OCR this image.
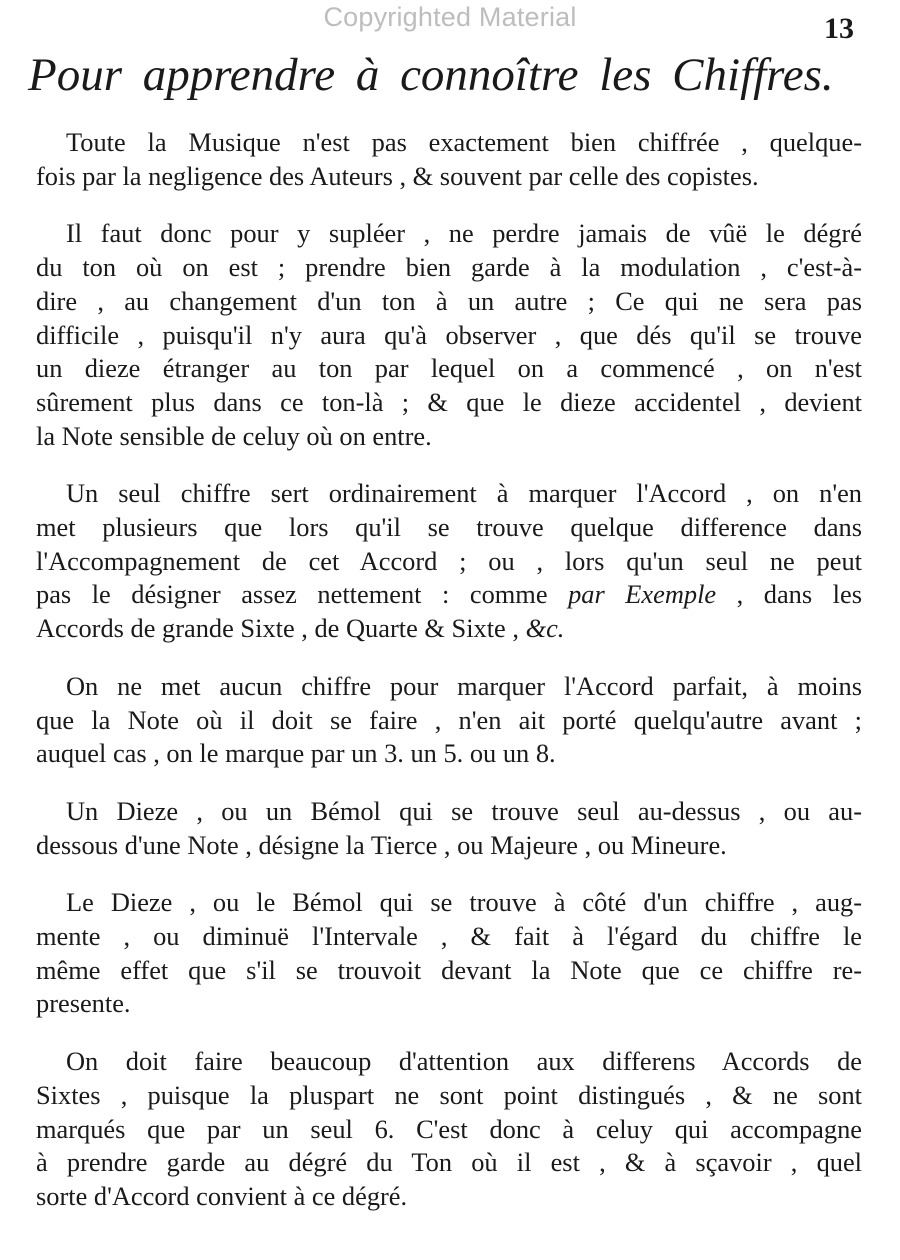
Copyrighted Material	13
Pour apprendre à connoître les Chiffres.
Toute la Musique n'est pas exactement bien chiffrée , quelque-
fois par la negligence des Auteurs , & souvent par celle des copistes.
Il faut donc pour y supléer , ne perdre jamais de vûë le dégré
du ton où on est ; prendre bien garde à la modulation , c'est-à-
dire , au changement d'un ton à un autre ; Ce qui ne sera pas
difficile , puisqu'il n'y aura qu'à observer , que dés qu'il se trouve
un dieze étranger au ton par lequel on a commencé , on n'est
sûrement plus dans ce ton-là ; & que le dieze accidentel , devient
la Note sensible de celuy où on entre.
Un seul chiffre sert ordinairement à marquer l'Accord , on n'en
met plusieurs que lors qu'il se trouve quelque difference dans
l'Accompagnement de cet Accord ; ou , lors qu'un seul ne peut
pas le désigner assez nettement : comme par Exemple , dans les
Accords de grande Sixte , de Quarte & Sixte , &c.
On ne met aucun chiffre pour marquer l'Accord parfait, à moins
que la Note où il doit se faire , n'en ait porté quelqu'autre avant ;
auquel cas , on le marque par un 3. un 5. ou un 8.
Un Dieze , ou un Bémol qui se trouve seul au-dessus , ou au-
dessous d'une Note , désigne la Tierce , ou Majeure , ou Mineure.
Le Dieze , ou le Bémol qui se trouve à côté d'un chiffre , aug-
mente , ou diminuë l'Intervale , & fait à l'égard du chiffre le
même effet que s'il se trouvoit devant la Note que ce chiffre re-
presente.
On doit faire beaucoup d'attention aux differens Accords de
Sixtes , puisque la pluspart ne sont point distingués , & ne sont
marqués que par un seul 6. C'est donc à celuy qui accompagne
à prendre garde au dégré du Ton où il est , & à sçavoir , quel
sorte d'Accord convient à ce dégré.
